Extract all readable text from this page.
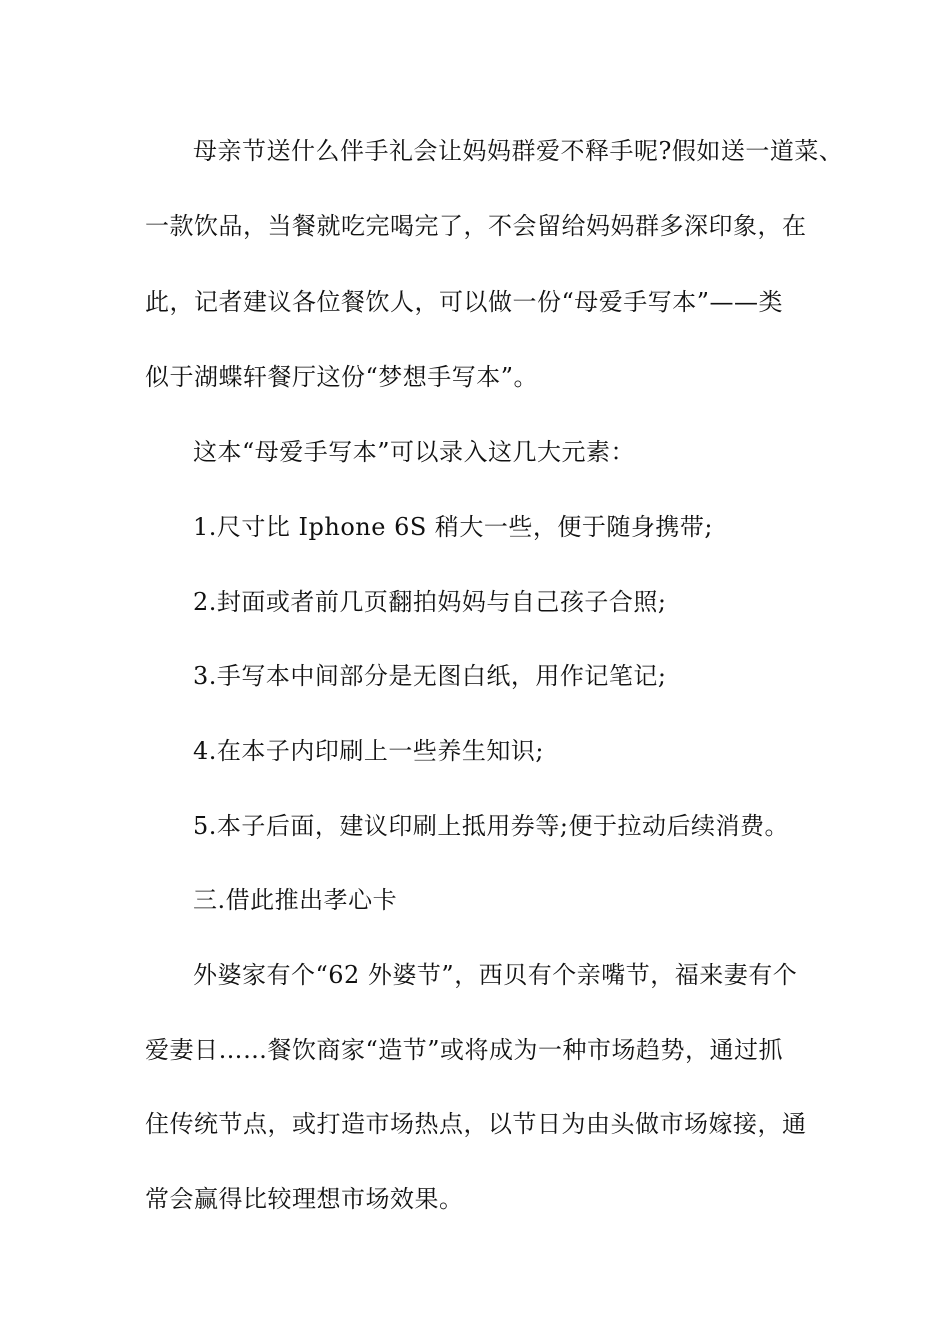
母亲节送什么伴手礼会让妈妈群爱不释手呢?假如送一道菜、
一款饮品，当餐就吃完喝完了，不会留给妈妈群多深印象，在
此，记者建议各位餐饮人，可以做一份“母爱手写本”——类
似于湖蝶轩餐厅这份“梦想手写本”。
这本“母爱手写本”可以录入这几大元素：
1.尺寸比 Iphone 6S 稍大一些，便于随身携带;
2.封面或者前几页翻拍妈妈与自己孩子合照;
3.手写本中间部分是无图白纸，用作记笔记;
4.在本子内印刷上一些养生知识;
5.本子后面，建议印刷上抵用券等;便于拉动后续消费。
三.借此推出孝心卡
外婆家有个“62 外婆节”，西贝有个亲嘴节，福来妻有个
爱妻日……餐饮商家“造节”或将成为一种市场趋势，通过抓
住传统节点，或打造市场热点，以节日为由头做市场嫁接，通
常会赢得比较理想市场效果。
